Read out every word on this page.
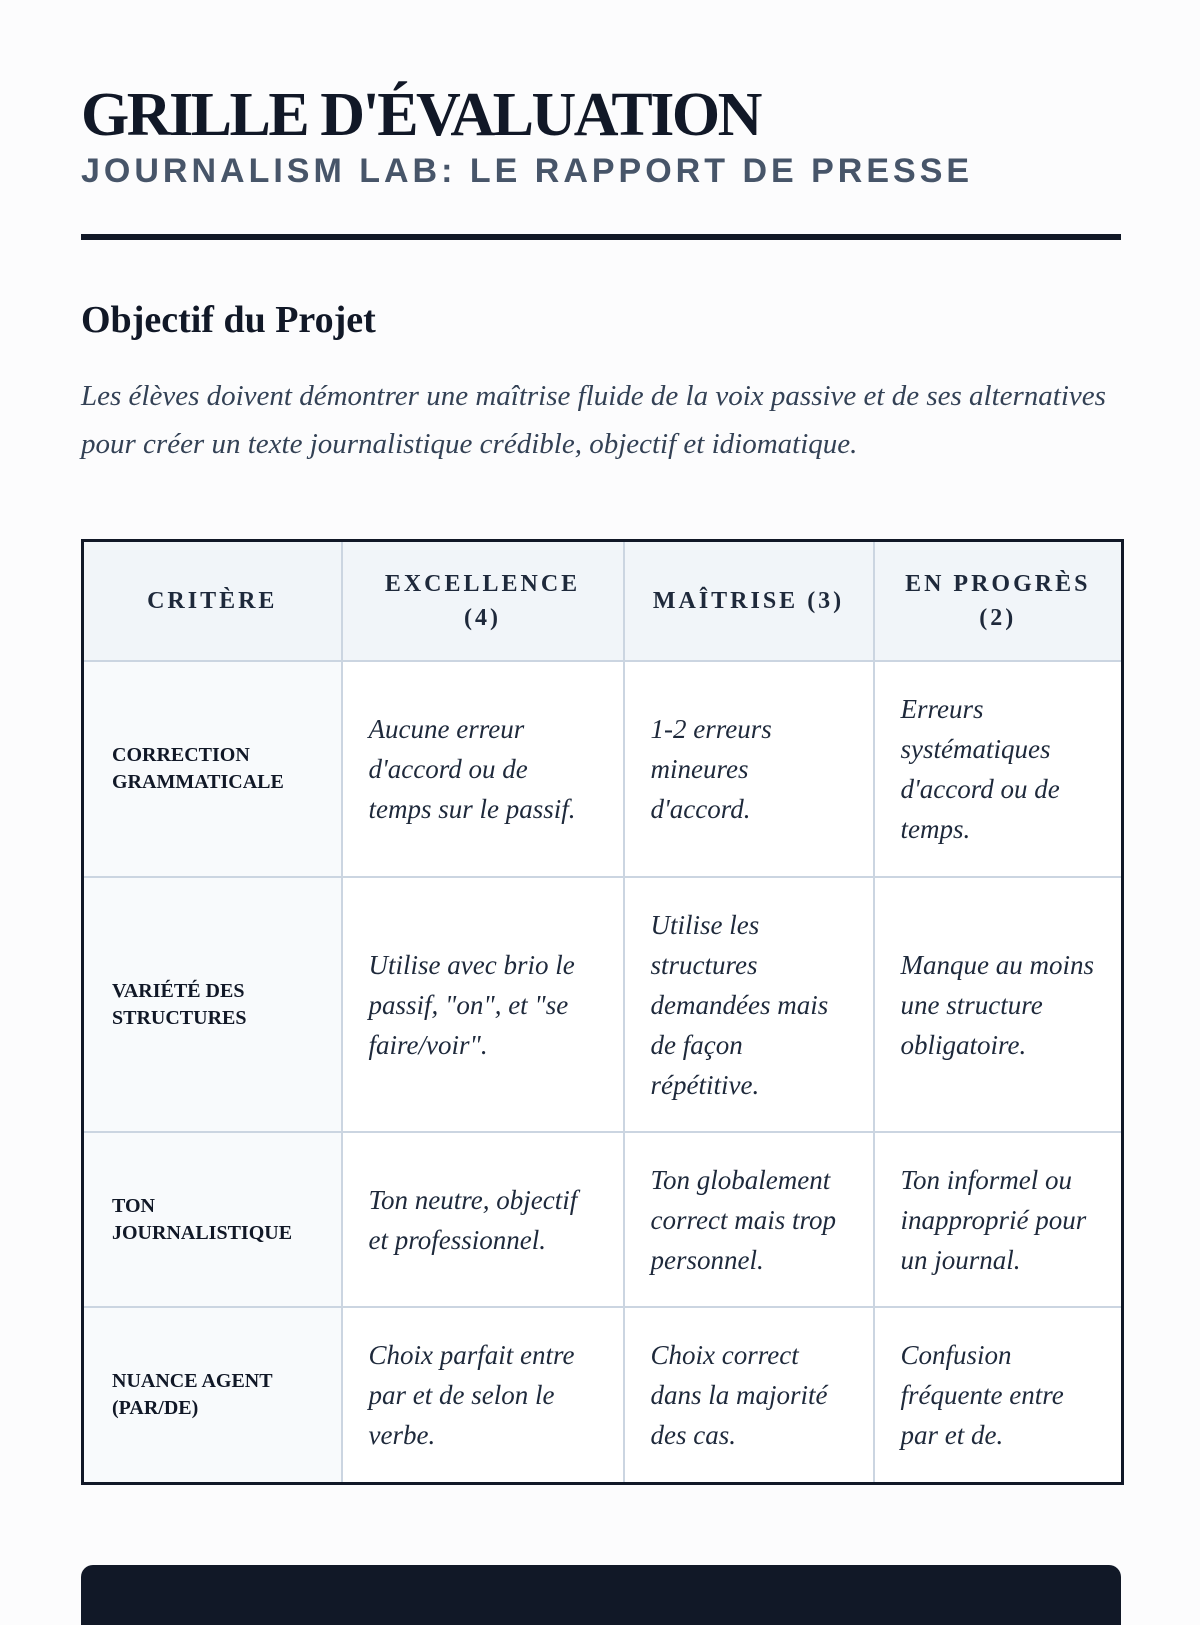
GRILLE D'ÉVALUATION
JOURNALISM LAB: LE RAPPORT DE PRESSE
Objectif du Projet

Les élèves doivent démontrer une maîtrise fluide de la voix passive et de ses alternatives pour créer un texte journalistique crédible, objectif et idiomatique.

CRITÈRE	EXCELLENCE (4)	MAÎTRISE (3)	EN PROGRÈS (2)
CORRECTION GRAMMATICALE	Aucune erreur d'accord ou de temps sur le passif.	1-2 erreurs mineures d'accord.	Erreurs systématiques d'accord ou de temps.
VARIÉTÉ DES STRUCTURES	Utilise avec brio le passif, "on", et "se faire/voir".	Utilise les structures demandées mais de façon répétitive.	Manque au moins une structure obligatoire.
TON JOURNALISTIQUE	Ton neutre, objectif et professionnel.	Ton globalement correct mais trop personnel.	Ton informel ou inapproprié pour un journal.
NUANCE AGENT (PAR/DE)	Choix parfait entre par et de selon le verbe.	Choix correct dans la majorité des cas.	Confusion fréquente entre par et de.
